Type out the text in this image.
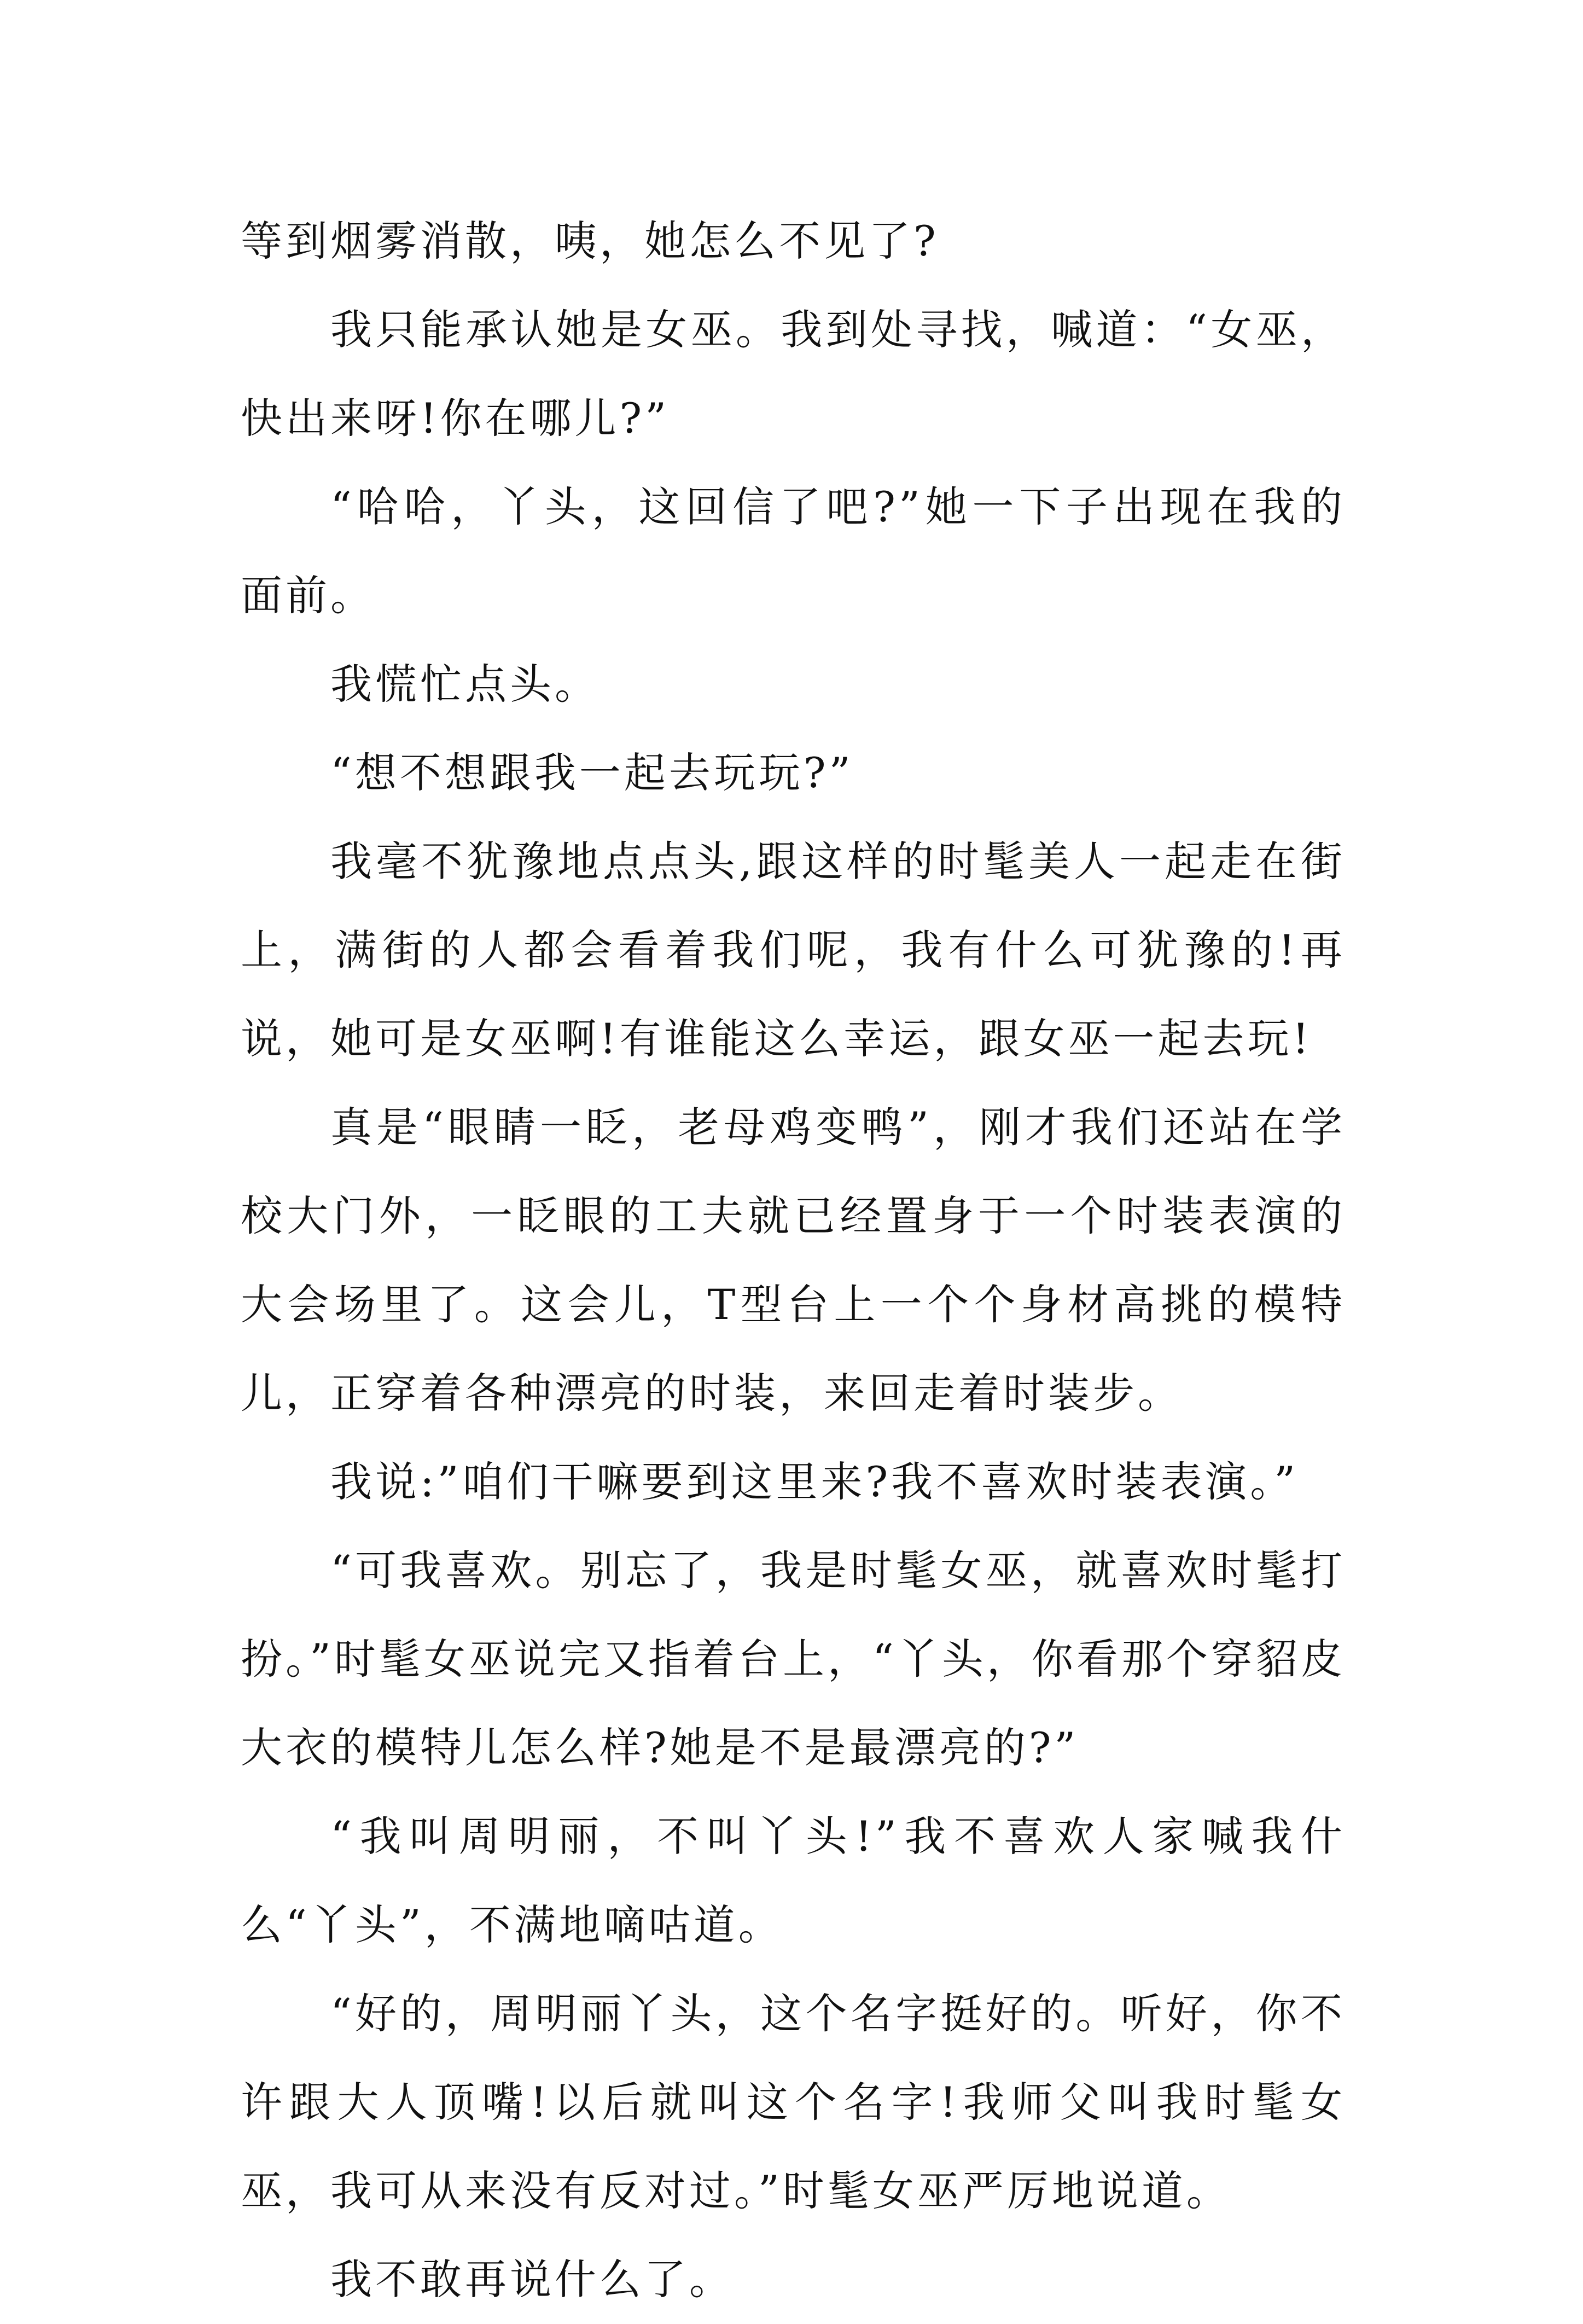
等到烟雾消散，咦，她怎么不见了?

我只能承认她是女巫。我到处寻找，喊道：“女巫，快出来呀!你在哪儿?”

“哈哈，丫头，这回信了吧?”她一下子出现在我的面前。

我慌忙点头。

“想不想跟我一起去玩玩?”

我毫不犹豫地点点头,跟这样的时髦美人一起走在街上，满街的人都会看着我们呢，我有什么可犹豫的!再说，她可是女巫啊!有谁能这么幸运，跟女巫一起去玩!

真是“眼睛一眨，老母鸡变鸭”，刚才我们还站在学校大门外，一眨眼的工夫就已经置身于一个时装表演的大会场里了。这会儿，T型台上一个个身材高挑的模特儿，正穿着各种漂亮的时装，来回走着时装步。

我说:”咱们干嘛要到这里来?我不喜欢时装表演。”

“可我喜欢。别忘了，我是时髦女巫，就喜欢时髦打扮。”时髦女巫说完又指着台上，“丫头，你看那个穿貂皮大衣的模特儿怎么样?她是不是最漂亮的?”

“我叫周明丽，不叫丫头!”我不喜欢人家喊我什么“丫头”，不满地嘀咕道。

“好的，周明丽丫头，这个名字挺好的。听好，你不许跟大人顶嘴!以后就叫这个名字!我师父叫我时髦女巫，我可从来没有反对过。”时髦女巫严厉地说道。

我不敢再说什么了。
